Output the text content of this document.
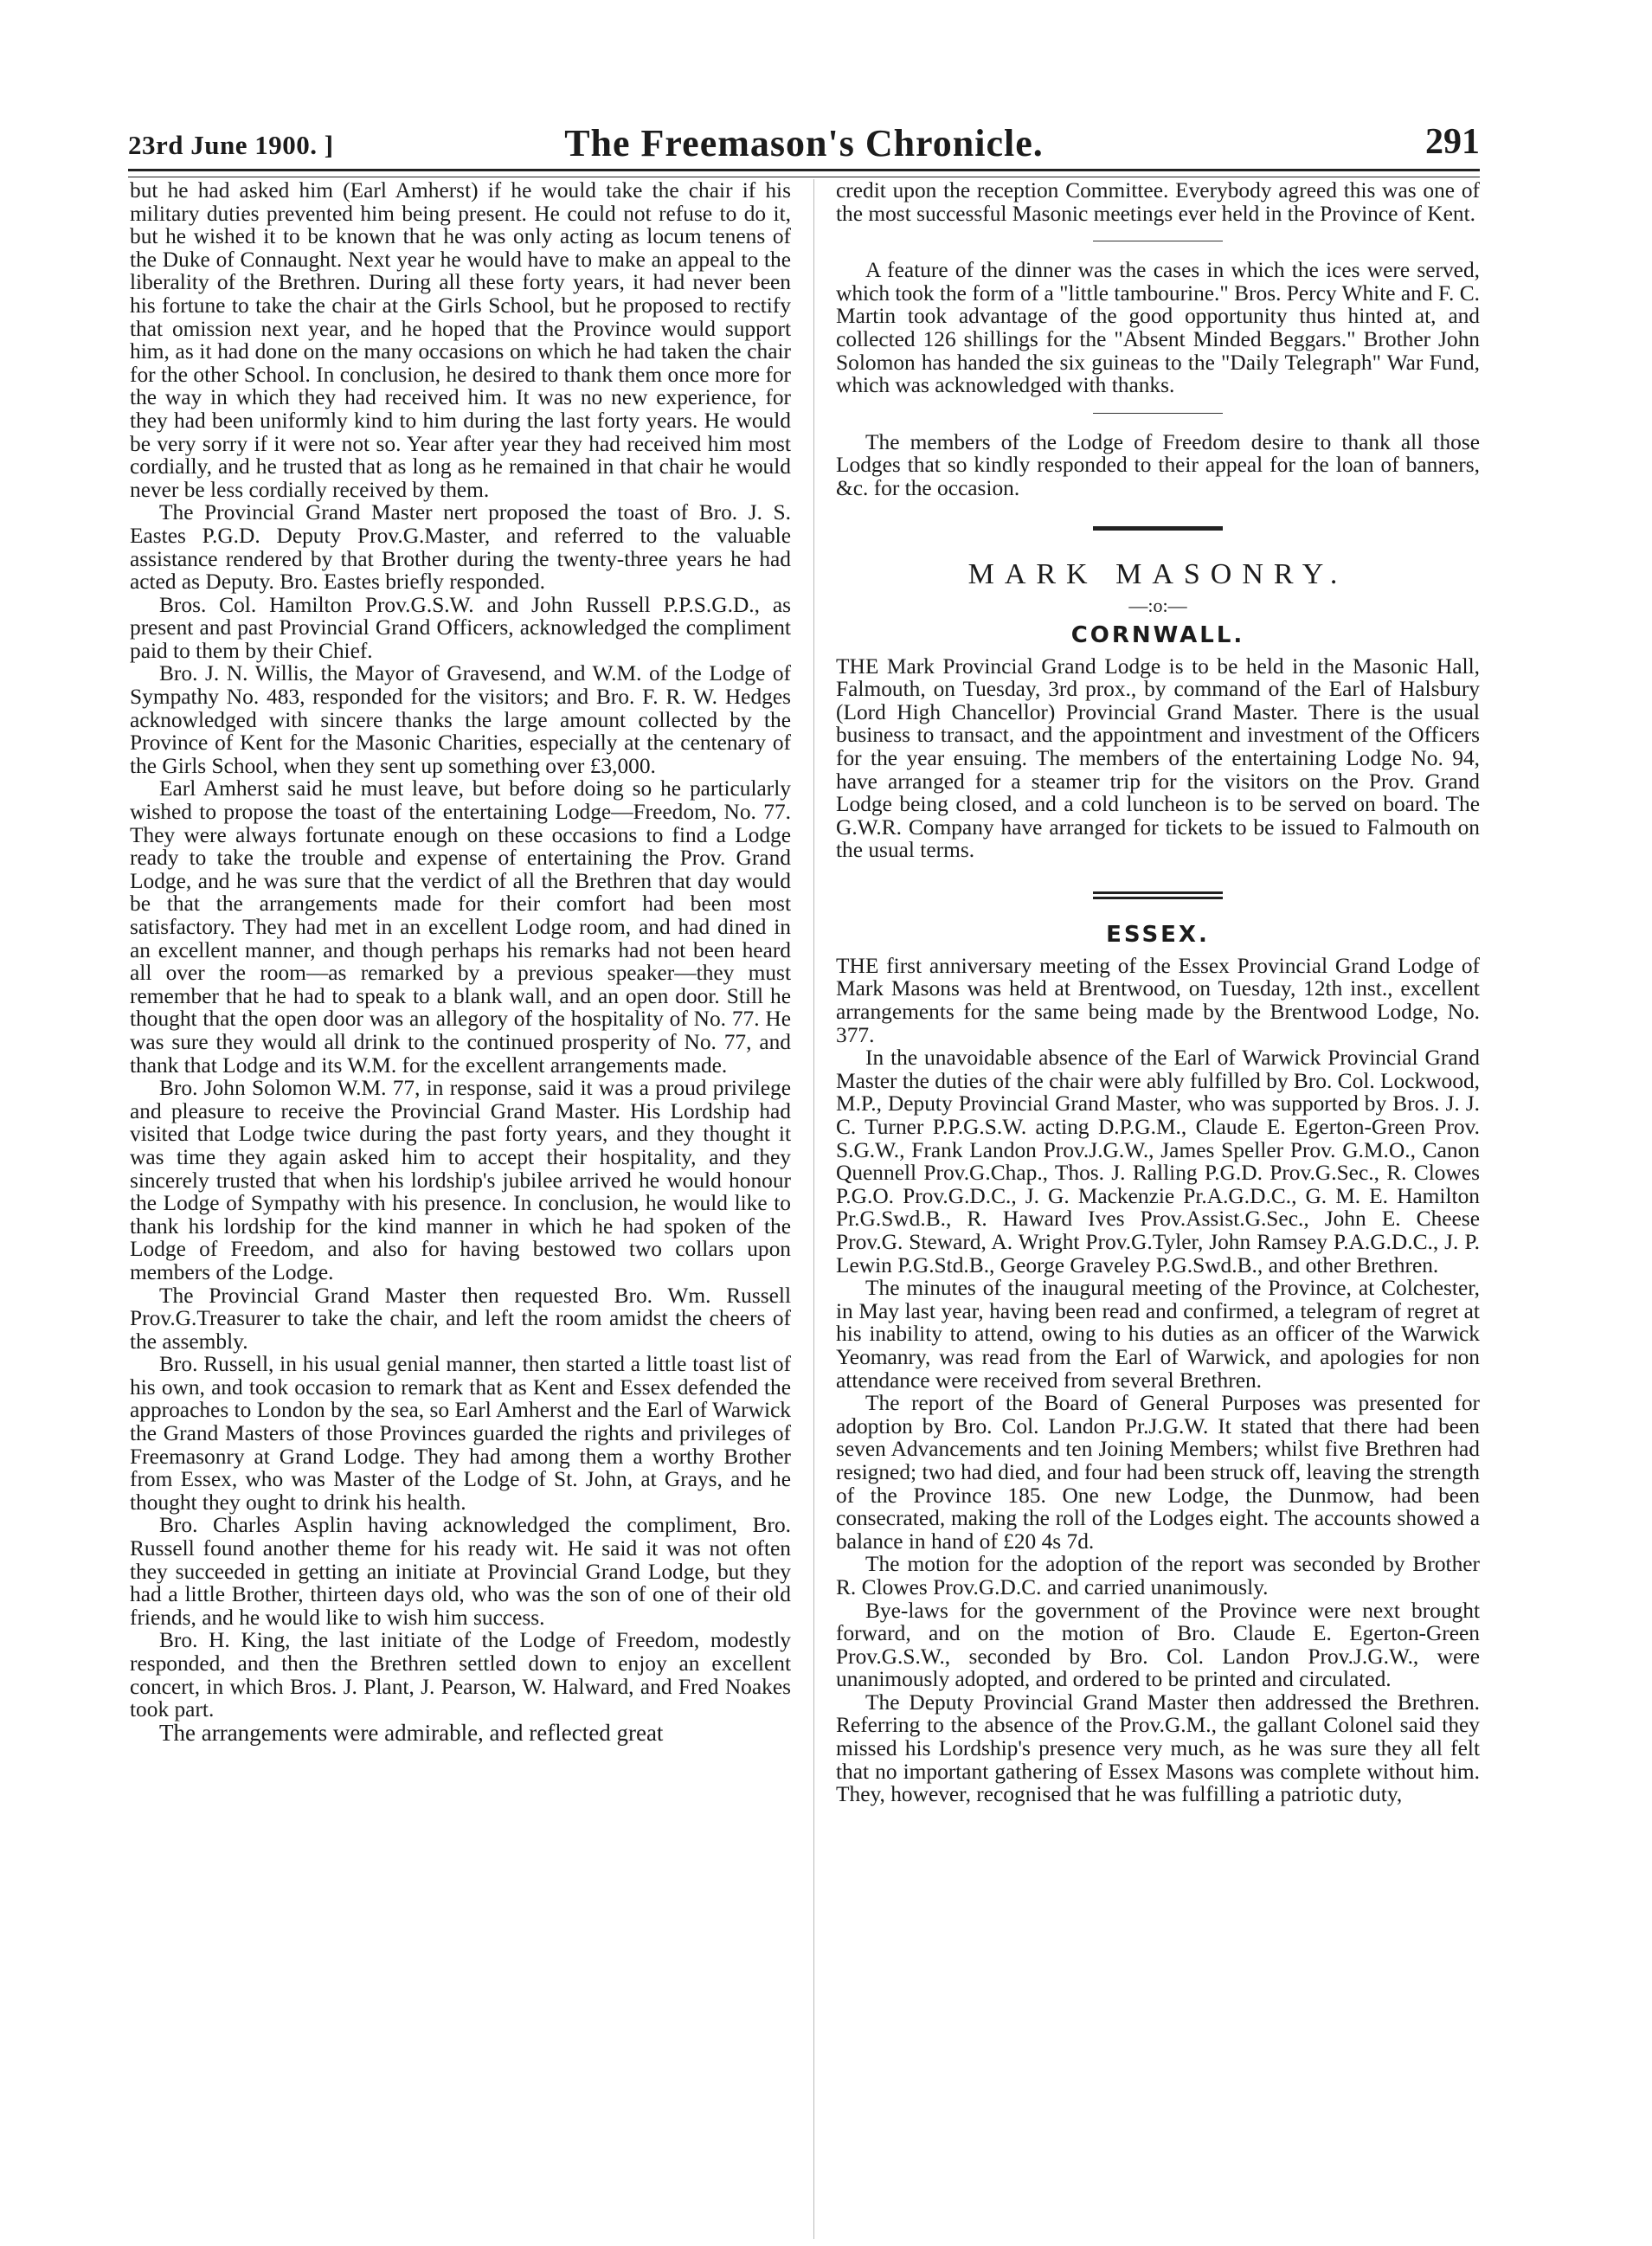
23rd June 1900. ]	The Freemason's Chronicle.	291

but he had asked him (Earl Amherst) if he would take the chair if his military duties prevented him being present. He could not refuse to do it, but he wished it to be known that he was only acting as locum tenens of the Duke of Connaught. Next year he would have to make an appeal to the liberality of the Brethren. During all these forty years, it had never been his fortune to take the chair at the Girls School, but he proposed to rectify that omission next year, and he hoped that the Province would support him, as it had done on the many occasions on which he had taken the chair for the other School. In conclusion, he desired to thank them once more for the way in which they had received him. It was no new experience, for they had been uniformly kind to him during the last forty years. He would be very sorry if it were not so. Year after year they had received him most cordially, and he trusted that as long as he remained in that chair he would never be less cordially received by them.

The Provincial Grand Master nert proposed the toast of Bro. J. S. Eastes P.G.D. Deputy Prov.G.Master, and referred to the valuable assistance rendered by that Brother during the twenty-three years he had acted as Deputy. Bro. Eastes briefly responded.

Bros. Col. Hamilton Prov.G.S.W. and John Russell P.P.S.G.D., as present and past Provincial Grand Officers, acknowledged the compliment paid to them by their Chief.

Bro. J. N. Willis, the Mayor of Gravesend, and W.M. of the Lodge of Sympathy No. 483, responded for the visitors; and Bro. F. R. W. Hedges acknowledged with sincere thanks the large amount collected by the Province of Kent for the Masonic Charities, especially at the centenary of the Girls School, when they sent up something over £3,000.

Earl Amherst said he must leave, but before doing so he particularly wished to propose the toast of the entertaining Lodge—Freedom, No. 77. They were always fortunate enough on these occasions to find a Lodge ready to take the trouble and expense of entertaining the Prov. Grand Lodge, and he was sure that the verdict of all the Brethren that day would be that the arrangements made for their comfort had been most satisfactory. They had met in an excellent Lodge room, and had dined in an excellent manner, and though perhaps his remarks had not been heard all over the room—as remarked by a previous speaker—they must remember that he had to speak to a blank wall, and an open door. Still he thought that the open door was an allegory of the hospitality of No. 77. He was sure they would all drink to the continued prosperity of No. 77, and thank that Lodge and its W.M. for the excellent arrangements made.

Bro. John Solomon W.M. 77, in response, said it was a proud privilege and pleasure to receive the Provincial Grand Master. His Lordship had visited that Lodge twice during the past forty years, and they thought it was time they again asked him to accept their hospitality, and they sincerely trusted that when his lordship's jubilee arrived he would honour the Lodge of Sympathy with his presence. In conclusion, he would like to thank his lordship for the kind manner in which he had spoken of the Lodge of Freedom, and also for having bestowed two collars upon members of the Lodge.

The Provincial Grand Master then requested Bro. Wm. Russell Prov.G.Treasurer to take the chair, and left the room amidst the cheers of the assembly.

Bro. Russell, in his usual genial manner, then started a little toast list of his own, and took occasion to remark that as Kent and Essex defended the approaches to London by the sea, so Earl Amherst and the Earl of Warwick the Grand Masters of those Provinces guarded the rights and privileges of Freemasonry at Grand Lodge. They had among them a worthy Brother from Essex, who was Master of the Lodge of St. John, at Grays, and he thought they ought to drink his health.

Bro. Charles Asplin having acknowledged the compliment, Bro. Russell found another theme for his ready wit. He said it was not often they succeeded in getting an initiate at Provincial Grand Lodge, but they had a little Brother, thirteen days old, who was the son of one of their old friends, and he would like to wish him success.

Bro. H. King, the last initiate of the Lodge of Freedom, modestly responded, and then the Brethren settled down to enjoy an excellent concert, in which Bros. J. Plant, J. Pearson, W. Halward, and Fred Noakes took part.

The arrangements were admirable, and reflected great

credit upon the reception Committee. Everybody agreed this was one of the most successful Masonic meetings ever held in the Province of Kent.

A feature of the dinner was the cases in which the ices were served, which took the form of a "little tambourine." Bros. Percy White and F. C. Martin took advantage of the good opportunity thus hinted at, and collected 126 shillings for the "Absent Minded Beggars." Brother John Solomon has handed the six guineas to the "Daily Telegraph" War Fund, which was acknowledged with thanks.

The members of the Lodge of Freedom desire to thank all those Lodges that so kindly responded to their appeal for the loan of banners, &c. for the occasion.

MARK MASONRY.
—:o:—
CORNWALL.

THE Mark Provincial Grand Lodge is to be held in the Masonic Hall, Falmouth, on Tuesday, 3rd prox., by command of the Earl of Halsbury (Lord High Chancellor) Provincial Grand Master. There is the usual business to transact, and the appointment and investment of the Officers for the year ensuing. The members of the entertaining Lodge No. 94, have arranged for a steamer trip for the visitors on the Prov. Grand Lodge being closed, and a cold luncheon is to be served on board. The G.W.R. Company have arranged for tickets to be issued to Falmouth on the usual terms.

ESSEX.

THE first anniversary meeting of the Essex Provincial Grand Lodge of Mark Masons was held at Brentwood, on Tuesday, 12th inst., excellent arrangements for the same being made by the Brentwood Lodge, No. 377.

In the unavoidable absence of the Earl of Warwick Provincial Grand Master the duties of the chair were ably fulfilled by Bro. Col. Lockwood, M.P., Deputy Provincial Grand Master, who was supported by Bros. J. J. C. Turner P.P.G.S.W. acting D.P.G.M., Claude E. Egerton-Green Prov. S.G.W., Frank Landon Prov.J.G.W., James Speller Prov. G.M.O., Canon Quennell Prov.G.Chap., Thos. J. Ralling P.G.D. Prov.G.Sec., R. Clowes P.G.O. Prov.G.D.C., J. G. Mackenzie Pr.A.G.D.C., G. M. E. Hamilton Pr.G.Swd.B., R. Haward Ives Prov.Assist.G.Sec., John E. Cheese Prov.G. Steward, A. Wright Prov.G.Tyler, John Ramsey P.A.G.D.C., J. P. Lewin P.G.Std.B., George Graveley P.G.Swd.B., and other Brethren.

The minutes of the inaugural meeting of the Province, at Colchester, in May last year, having been read and confirmed, a telegram of regret at his inability to attend, owing to his duties as an officer of the Warwick Yeomanry, was read from the Earl of Warwick, and apologies for non attendance were received from several Brethren.

The report of the Board of General Purposes was presented for adoption by Bro. Col. Landon Pr.J.G.W. It stated that there had been seven Advancements and ten Joining Members; whilst five Brethren had resigned; two had died, and four had been struck off, leaving the strength of the Province 185. One new Lodge, the Dunmow, had been consecrated, making the roll of the Lodges eight. The accounts showed a balance in hand of £20 4s 7d.

The motion for the adoption of the report was seconded by Brother R. Clowes Prov.G.D.C. and carried unanimously.

Bye-laws for the government of the Province were next brought forward, and on the motion of Bro. Claude E. Egerton-Green Prov.G.S.W., seconded by Bro. Col. Landon Prov.J.G.W., were unanimously adopted, and ordered to be printed and circulated.

The Deputy Provincial Grand Master then addressed the Brethren. Referring to the absence of the Prov.G.M., the gallant Colonel said they missed his Lordship's presence very much, as he was sure they all felt that no important gathering of Essex Masons was complete without him. They, however, recognised that he was fulfilling a patriotic duty,
